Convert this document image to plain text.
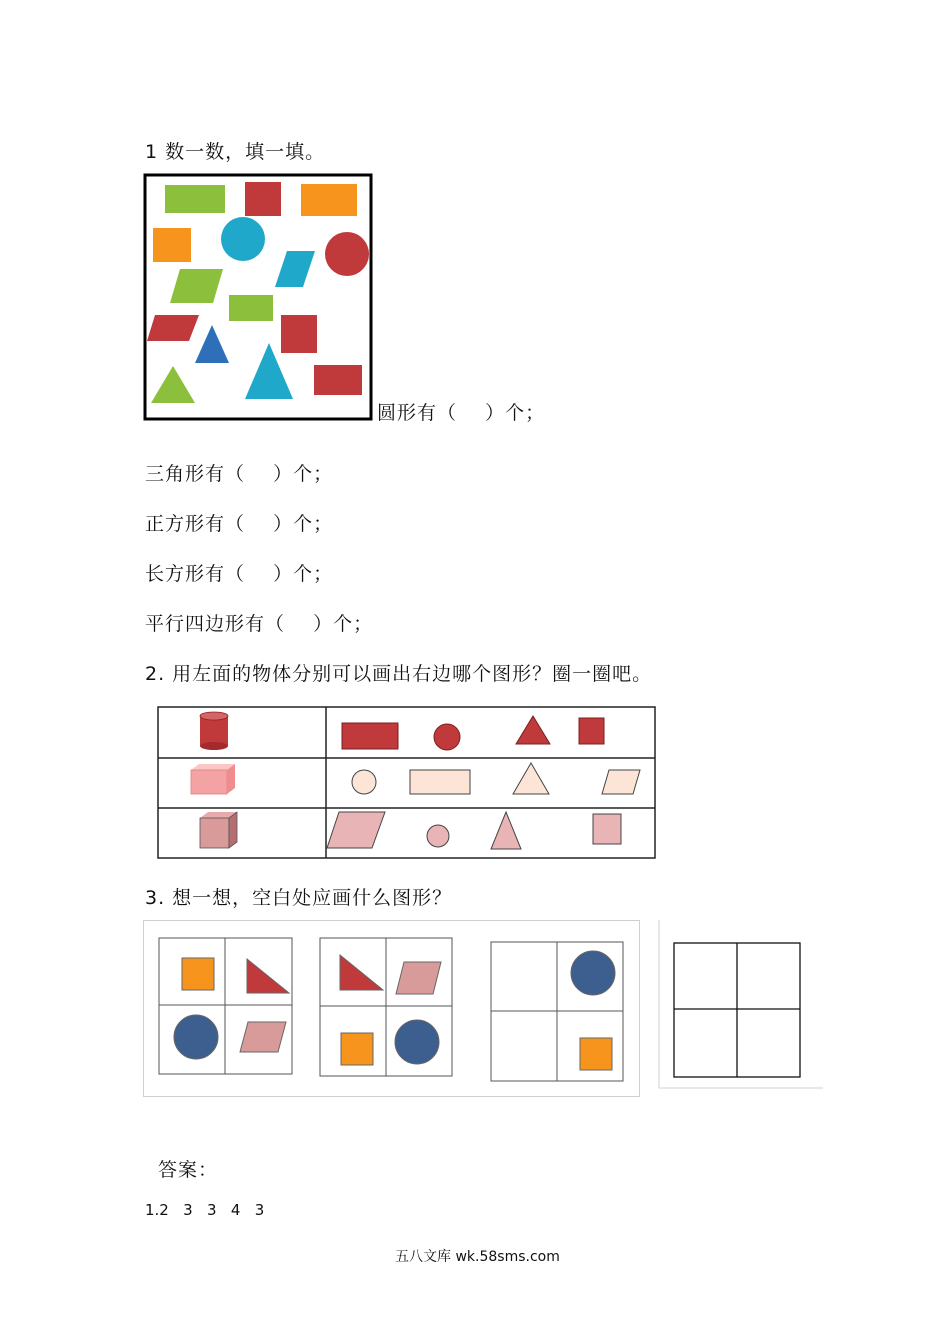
1 数一数，填一填。
圆形有（    ）个；
三角形有（    ）个；
正方形有（    ）个；
长方形有（    ）个；
平行四边形有（    ）个；
2. 用左面的物体分别可以画出右边哪个图形？圈一圈吧。
3. 想一想，空白处应画什么图形？
答案：
1.2   3   3   4   3
五八文库 wk.58sms.com
